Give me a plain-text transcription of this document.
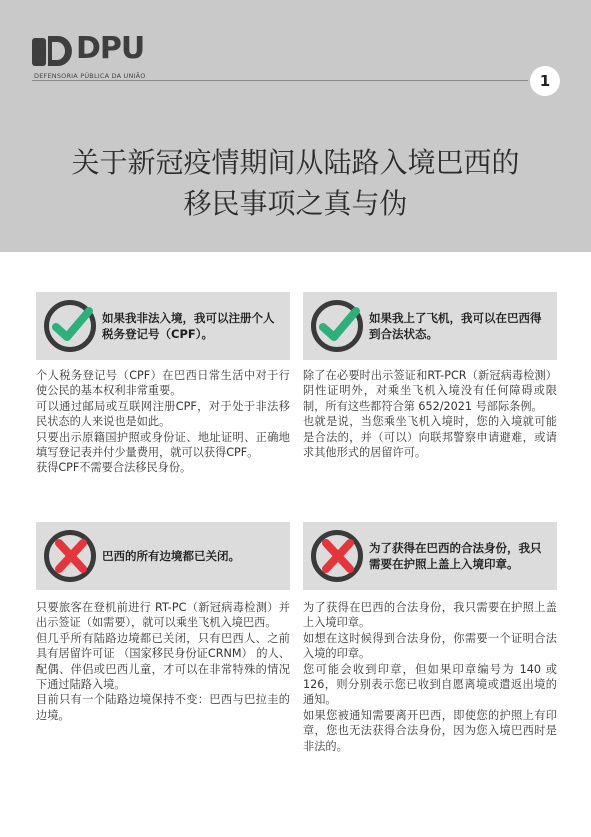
DPU
DEFENSORIA PÚBLICA DA UNIÃO	1
关于新冠疫情期间从陆路入境巴西的
移民事项之真与伪
如果我非法入境，我可以注册个人税务登记号（CPF）。

个人税务登记号（CPF）在巴西日常生活中对于行使公民的基本权利非常重要。

可以通过邮局或互联网注册CPF，对于处于非法移民状态的人来说也是如此。

只要出示原籍国护照或身份证、地址证明、正确地填写登记表并付少量费用，就可以获得CPF。

获得CPF不需要合法移民身份。

如果我上了飞机，我可以在巴西得到合法状态。

除了在必要时出示签证和RT-PCR（新冠病毒检测）阴性证明外，对乘坐飞机入境没有任何障碍或限制，所有这些都符合第 652/2021 号部际条例。

也就是说，当您乘坐飞机入境时，您的入境就可能是合法的，并（可以）向联邦警察申请避难，或请求其他形式的居留许可。

巴西的所有边境都已关闭。

只要旅客在登机前进行 RT-PC（新冠病毒检测）并出示签证（如需要），就可以乘坐飞机入境巴西。

但几乎所有陆路边境都已关闭，只有巴西人、之前具有居留许可证 （国家移民身份证CRNM） 的人、配偶、伴侣或巴西儿童，才可以在非常特殊的情况下通过陆路入境。

目前只有一个陆路边境保持不变：巴西与巴拉圭的边境。

为了获得在巴西的合法身份，我只需要在护照上盖上入境印章。

为了获得在巴西的合法身份，我只需要在护照上盖上入境印章。

如想在这时候得到合法身份，你需要一个证明合法入境的印章。

您可能会收到印章，但如果印章编号为 140 或 126，则分别表示您已收到自愿离境或遣返出境的通知。

如果您被通知需要离开巴西，即使您的护照上有印章，您也无法获得合法身份，因为您入境巴西时是非法的。
